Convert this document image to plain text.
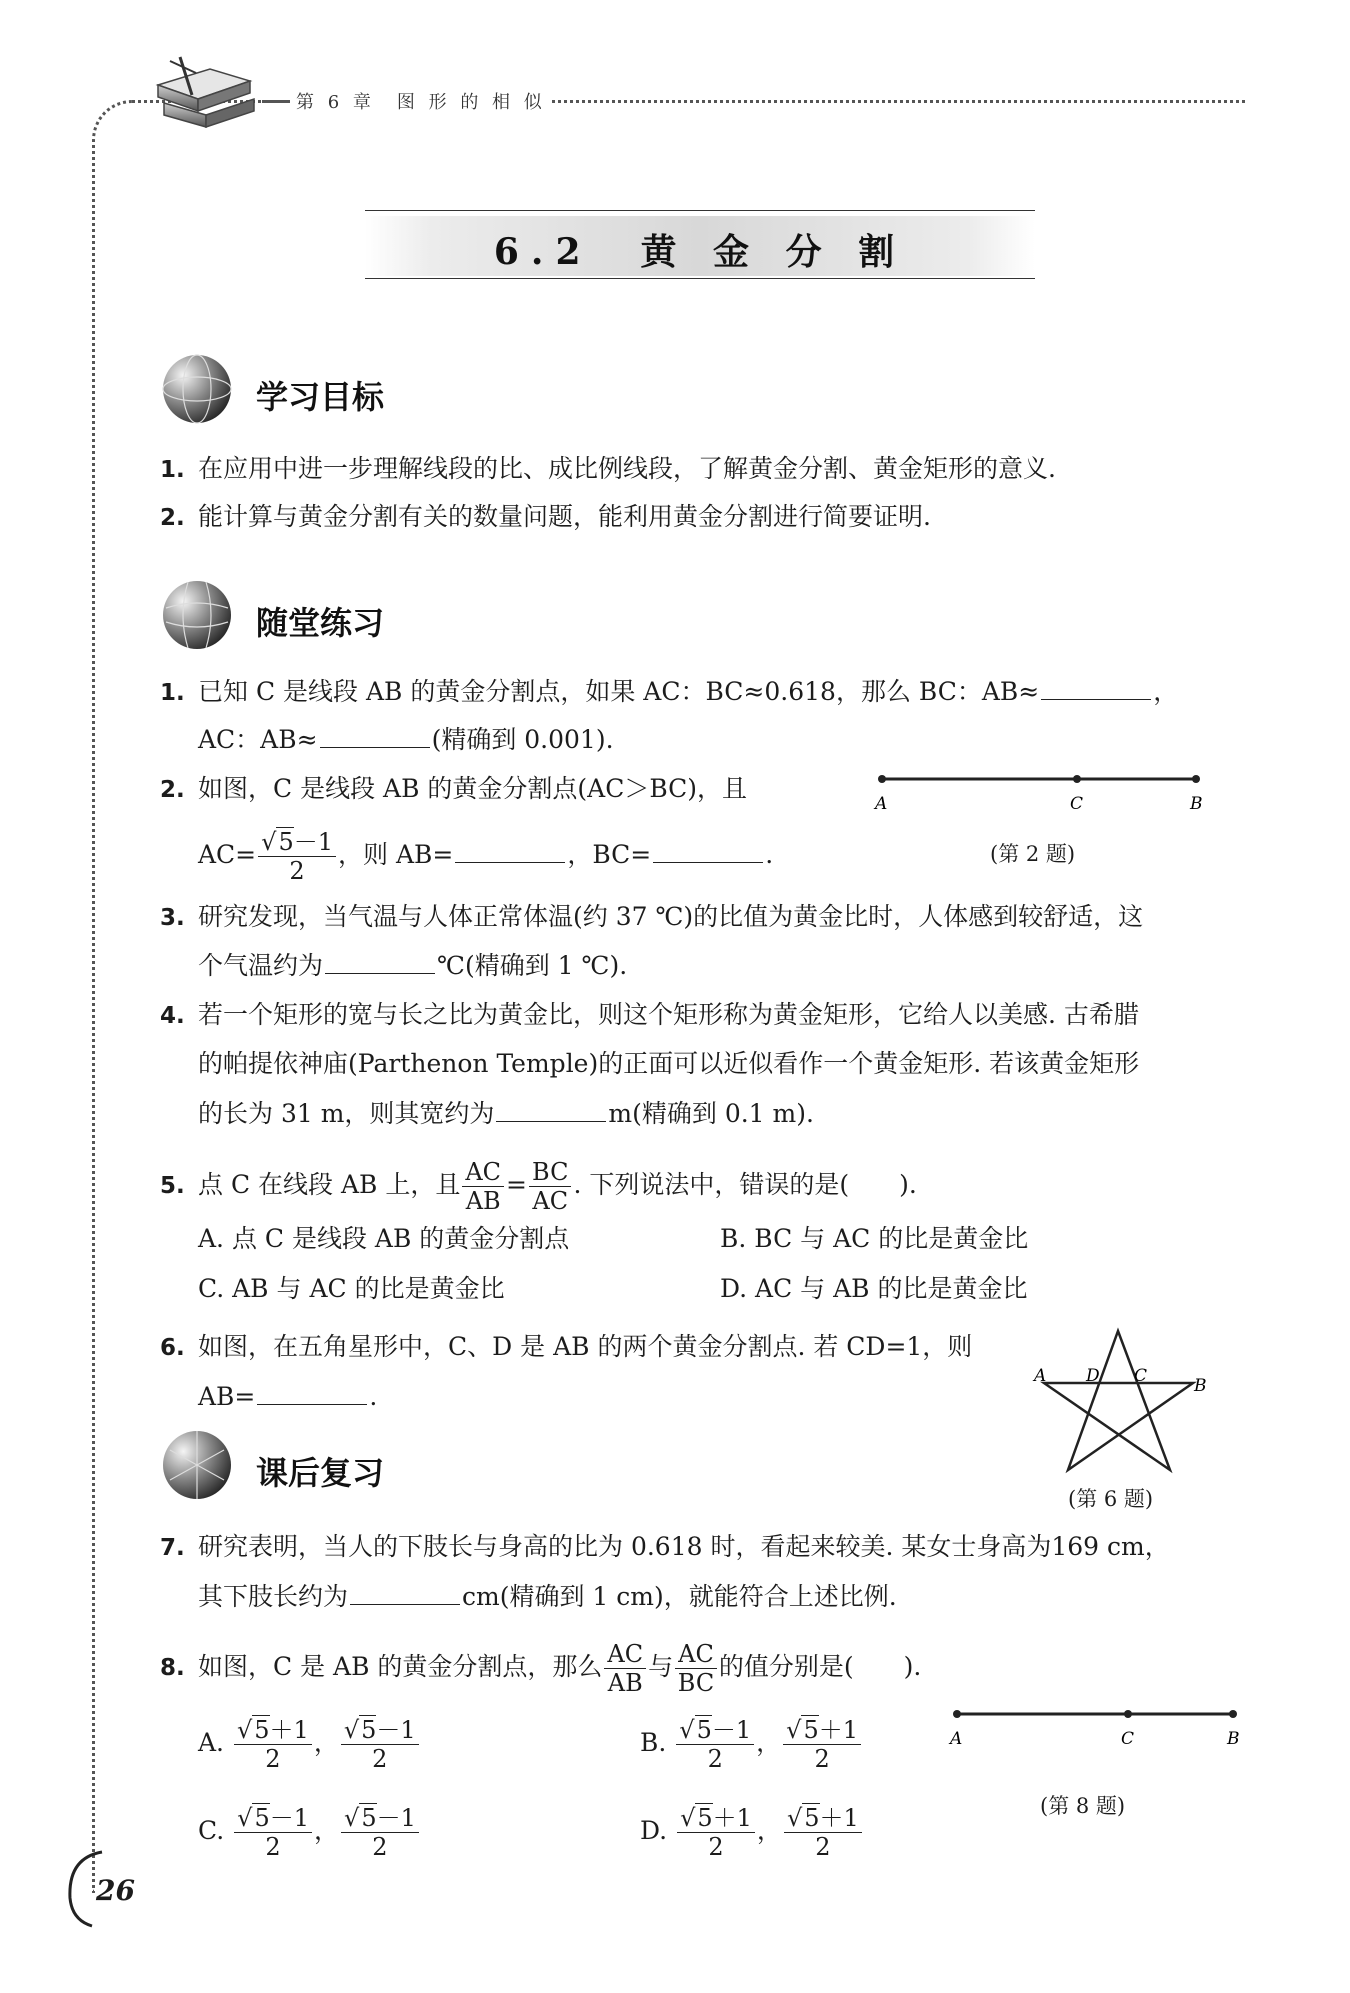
第 6 章　图 形 的 相 似
6.2　黄 金 分 割
学习目标
1. 在应用中进一步理解线段的比、成比例线段，了解黄金分割、黄金矩形的意义.
2. 能计算与黄金分割有关的数量问题，能利用黄金分割进行简要证明.
随堂练习
1. 已知 C 是线段 AB 的黄金分割点，如果 AC：BC≈0.618，那么 BC：AB≈	，
AC：AB≈	(精确到 0.001).
2. 如图，C 是线段 AB 的黄金分割点(AC＞BC)，且
$AC= \frac{√5-1}{2}$ ，则 AB=	，BC=	.
A	C	B
(第 2 题)
3. 研究发现，当气温与人体正常体温(约 37 ℃)的比值为黄金比时，人体感到较舒适，这
个气温约为	℃(精确到 1 ℃).
4. 若一个矩形的宽与长之比为黄金比，则这个矩形称为黄金矩形，它给人以美感. 古希腊
的帕提依神庙(Parthenon Temple)的正面可以近似看作一个黄金矩形. 若该黄金矩形
的长为 31 m，则其宽约为	m(精确到 0.1 m).
5. 点 C 在线段 AB 上，且 $\frac{AC}{AB} = \frac{BC}{AC}$ . 下列说法中，错误的是(　　).
A. 点 C 是线段 AB 的黄金分割点	B. BC 与 AC 的比是黄金比
C. AB 与 AC 的比是黄金比	D. AC 与 AB 的比是黄金比
6. 如图，在五角星形中，C、D 是 AB 的两个黄金分割点. 若 CD=1，则
AB=	.
A D C	B
(第 6 题)
课后复习
7. 研究表明，当人的下肢长与身高的比为 0.618 时，看起来较美. 某女士身高为169 cm，
其下肢长约为	cm(精确到 1 cm)，就能符合上述比例.
8. 如图，C 是 AB 的黄金分割点，那么 $\frac{AC}{AB}$ 与 $\frac{AC}{BC}$ 的值分别是(　　).
A. $\frac{√5+1}{2}$ ， $\frac{√5-1}{2}$	B. $\frac{√5-1}{2}$ ， $\frac{√5+1}{2}$
C. $\frac{√5-1}{2}$ ， $\frac{√5-1}{2}$	D. $\frac{√5+1}{2}$ ， $\frac{√5+1}{2}$
A	C	B
(第 8 题)
26
